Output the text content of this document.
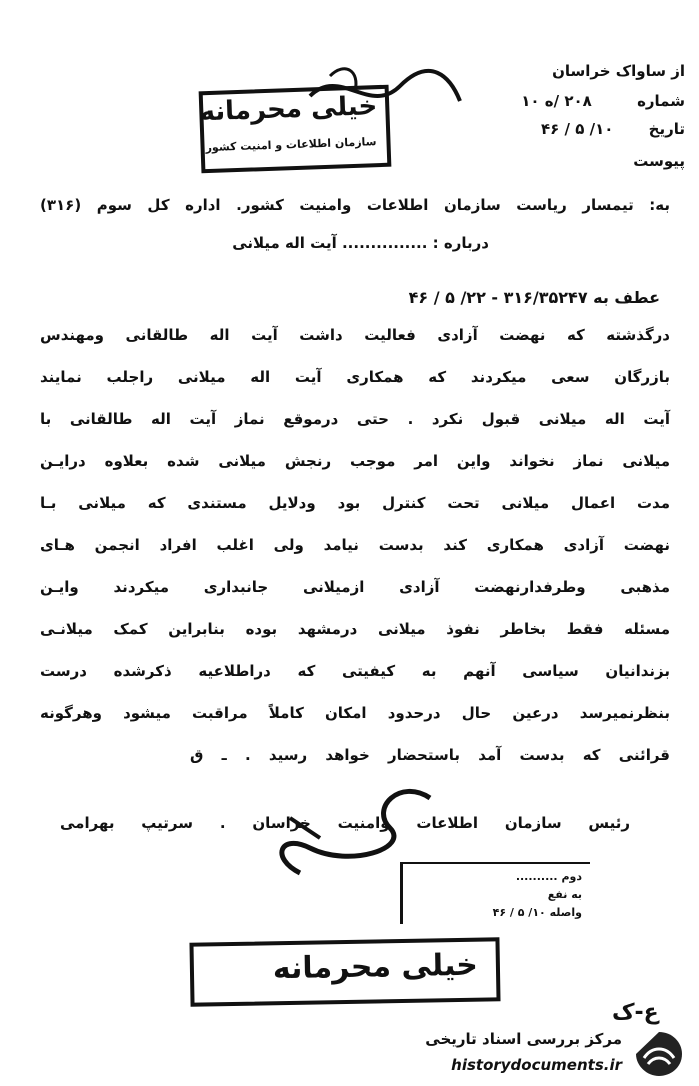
از ساواک خراسان
شماره ۲۰۸ /ه ۱۰
تاریخ ۱۰/ ۵ / ۴۶
پیوست
خیلی محرمانه
سازمان اطلاعات و امنیت کشور
به: تیمسار ریاست سازمان اطلاعات وامنیت کشور. اداره کل سوم (۳۱۶)
درباره : ............... آیت اله میلانی
عطف به ۳۱۶/۳۵۲۴۷ - ۲۲/ ۵ / ۴۶
درگذشته که نهضت آزادی فعالیت داشت آیت اله طالقانی ومهندس
بازرگان سعی میکردند که همکاری آیت اله میلانی راجلب نمایند
آیت اله میلانی قبول نکرد . حتی درموقع نماز آیت اله طالقانی با
میلانی نماز نخواند واین امر موجب رنجش میلانی شده بعلاوه درایـن
مدت اعمال میلانی تحت کنترل بود ودلایل مستندی که میلانی بـا
نهضت آزادی همکاری کند بدست نیامد ولی اغلب افراد انجمن هـای
مذهبی وطرفدارنهضت آزادی ازمیلانی جانبداری میکردند وایـن
مسئله فقط بخاطر نفوذ میلانی درمشهد بوده بنابراین کمک میلانـی
بزندانیان سیاسی آنهم به کیفیتی که دراطلاعیه ذکرشده درست
بنظرنمیرسد درعین حال درحدود امکان کاملاً مراقبت میشود وهرگونه
قرائنی که بدست آمد باستحضار خواهد رسید . ـ ق
رئیس سازمان اطلاعات وامنیت خراسان . سرتیپ بهرامی
دوم ..........
به نفع
واصله ۱۰/ ۵ / ۴۶
خیلی محرمانه
ع-ک
مرکز بررسی اسناد تاریخی
historydocuments.ir
